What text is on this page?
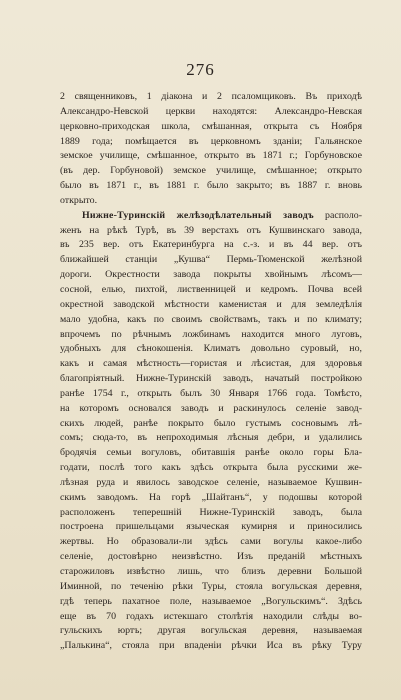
276
2 священниковъ, 1 діакона и 2 псаломщиковъ. Въ приходѣ
Александро-Невской церкви находятся: Александро-Невская
церковно-приходская школа, смѣшанная, открыта съ Ноября
1889 года; помѣщается въ церковномъ зданіи; Гальянское
земское училище, смѣшанное, открыто въ 1871 г.; Горбуновское
(въ дер. Горбуновой) земское училище, смѣшанное; открыто
было въ 1871 г., въ 1881 г. было закрыто; въ 1887 г. вновь
открыто.
Нижне-Туринскій желѣзодѣлательный заводъ располо-
женъ на рѣкѣ Турѣ, въ 39 верстахъ отъ Кушвинскаго завода,
въ 235 вер. отъ Екатеринбурга на с.-з. и въ 44 вер. отъ
ближайшей станціи „Кушва“ Пермь-Тюменской желѣзной
дороги. Окрестности завода покрыты хвойнымъ лѣсомъ—
сосной, елью, пихтой, лиственницей и кедромъ. Почва всей
окрестной заводской мѣстности каменистая и для земледѣлія
мало удобна, какъ по своимъ свойствамъ, такъ и по климату;
впрочемъ по рѣчнымъ ложбинамъ находится много луговъ,
удобныхъ для сѣнокошенія. Климатъ довольно суровый, но,
какъ и самая мѣстность—гористая и лѣсистая, для здоровья
благопріятный. Нижне-Туринскій заводъ, начатый постройкою
ранѣе 1754 г., открыть былъ 30 Января 1766 года. Томѣсто,
на которомъ основался заводъ и раскинулось селеніе завод-
скихъ людей, ранѣе покрыто было густымъ сосновымъ лѣ-
сомъ; сюда-то, въ непроходимыя лѣсныя дебри, и удалились
бродячія семьи вогуловъ, обитавшія ранѣе около горы Бла-
годати, послѣ того какъ здѣсь открыта была русскими же-
лѣзная руда и явилось заводское селеніе, называемое Кушвин-
скимъ заводомъ. На горѣ „Шайтанъ“, у подошвы которой
расположенъ теперешній Нижне-Туринскій заводъ, была
построена пришельцами языческая кумирня и приносились
жертвы. Но образовали-ли здѣсь сами вогулы какое-либо
селеніе, достовѣрно неизвѣстно. Изъ преданій мѣстныхъ
старожиловъ извѣстно лишь, что близъ деревни Большой
Иминной, по теченію рѣки Туры, стояла вогульская деревня,
гдѣ теперь пахатное поле, называемое „Вогульскимъ“. Здѣсь
еще въ 70 годахъ истекшаго столѣтія находили слѣды во-
гульскихъ юртъ; другая вогульская деревня, называемая
„Палькина“, стояла при впаденіи рѣчки Иса въ рѣку Туру
